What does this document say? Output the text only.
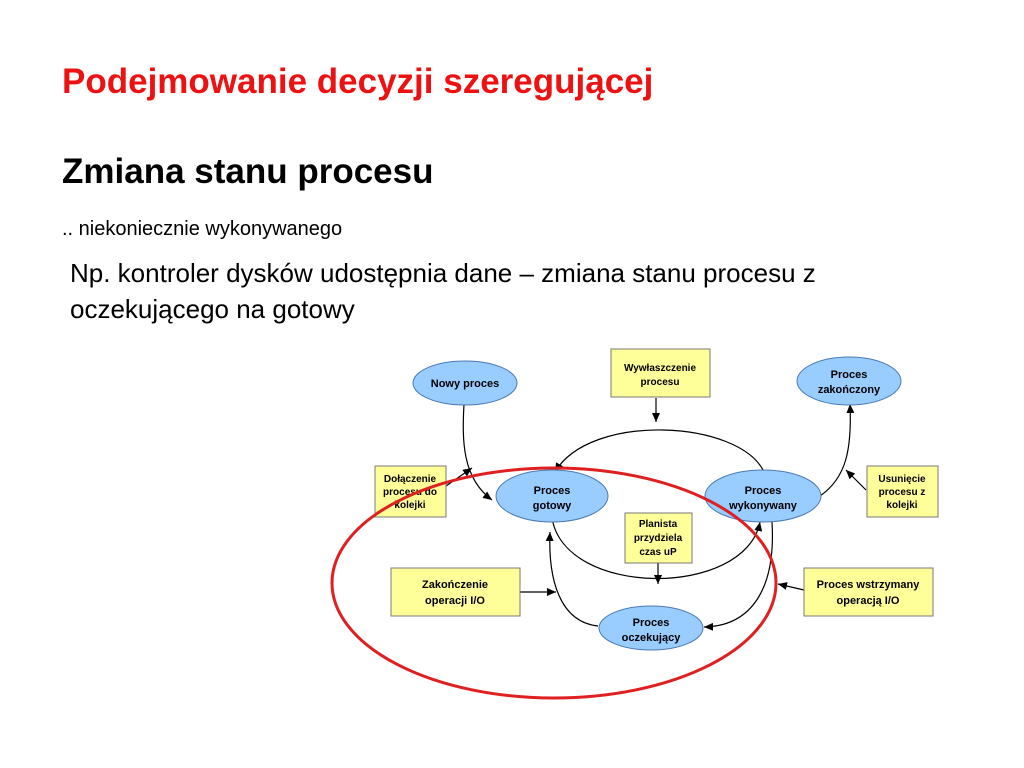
Podejmowanie decyzji szeregującej
Zmiana stanu procesu
.. niekoniecznie wykonywanego
Np. kontroler dysków udostępnia dane – zmiana stanu procesu z oczekującego na gotowy
Nowy proces
Proces
gotowy
Proces
wykonywany
Proces
oczekujący
Proces
zakończony
Wywłaszczenie
procesu
Dołączenie
procesu do
kolejki
Usunięcie
procesu z
kolejki
Planista
przydziela
czas uP
Zakończenie
operacji I/O
Proces wstrzymany
operacją I/O
